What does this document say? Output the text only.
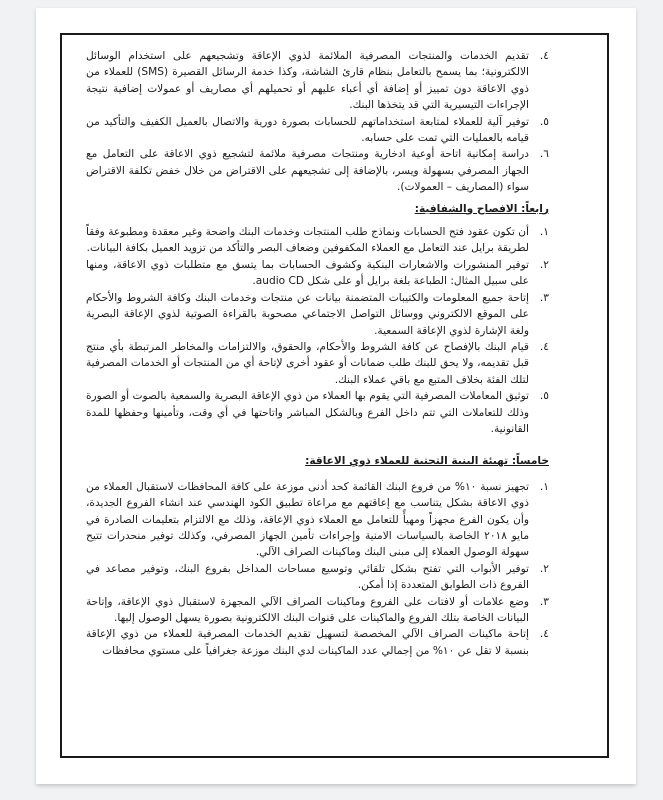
٤.
تقديم الخدمات والمنتجات المصرفية الملائمة لذوي الإعاقة وتشجيعهم على استخدام الوسائل الالكترونية؛ بما يسمح بالتعامل بنظام قارئ الشاشة، وكذا خدمة الرسائل القصيرة (SMS) للعملاء من ذوي الاعاقة دون تمييز أو إضافة أي أعباء عليهم أو تحميلهم أي مصاريف أو عمولات إضافية نتيجة الإجراءات التيسيرية التي قد يتخذها البنك.
٥.
توفير آلية للعملاء لمتابعة استخداماتهم للحسابات بصورة دورية والاتصال بالعميل الكفيف والتأكيد من قيامه بالعمليات التي تمت على حسابه.
٦.
دراسة إمكانية اتاحة أوعية ادخارية ومنتجات مصرفية ملائمة لتشجيع ذوي الاعاقة على التعامل مع الجهاز المصرفي بسهولة ويسر، بالإضافة إلى تشجيعهم على الاقتراض من خلال خفض تكلفة الاقتراض سواء (المصاريف – العمولات).
رابعاً: الافصاح والشفافية:
١.
أن تكون عقود فتح الحسابات ونماذج طلب المنتجات وخدمات البنك واضحة وغير معقدة ومطبوعة وفقاً لطريقة برايل عند التعامل مع العملاء المكفوفين وضعاف البصر والتأكد من تزويد العميل بكافة البيانات.
٢.
توفير المنشورات والاشعارات البنكية وكشوف الحسابات بما يتسق مع متطلبات ذوي الاعاقة، ومنها على سبيل المثال: الطباعة بلغة برايل أو على شكل audio CD.
٣.
إتاحة جميع المعلومات والكتيبات المتضمنة بيانات عن منتجات وخدمات البنك وكافة الشروط والأحكام على الموقع الالكتروني ووسائل التواصل الاجتماعي مصحوبة بالقراءة الصوتية لذوي الإعاقة البصرية ولغة الإشارة لذوي الإعاقة السمعية.
٤.
قيام البنك بالإفصاح عن كافة الشروط والأحكام، والحقوق، والالتزامات والمخاطر المرتبطة بأي منتج قبل تقديمه، ولا يحق للبنك طلب ضمانات أو عقود أخرى لإتاحة أي من المنتجات أو الخدمات المصرفية لتلك الفئة بخلاف المتبع مع باقي عملاء البنك.
٥.
توثيق المعاملات المصرفية التي يقوم بها العملاء من ذوي الإعاقة البصرية والسمعية بالصوت أو الصورة وذلك للتعاملات التي تتم داخل الفرع وبالشكل المباشر واتاحتها في أي وقت، وتأمينها وحفظها للمدة القانونية.
خامساً: تهيئة البنية التحتية للعملاء ذوي الاعاقة:
١.
تجهيز نسبة ١٠% من فروع البنك القائمة كحد أدنى موزعة على كافة المحافظات لاستقبال العملاء من ذوي الاعاقة بشكل يتناسب مع إعاقتهم مع مراعاة تطبيق الكود الهندسي عند انشاء الفروع الجديدة، وأن يكون الفرع مجهزاً ومهيأً للتعامل مع العملاء ذوي الإعاقة، وذلك مع الالتزام بتعليمات الصادرة في مايو ٢٠١٨ الخاصة بالسياسات الامنية وإجراءات تأمين الجهاز المصرفي، وكذلك توفير منحدرات تتيح سهولة الوصول العملاء إلى مبنى البنك وماكينات الصراف الآلي.
٢.
توفير الأبواب التي تفتح بشكل تلقائي وتوسيع مساحات المداخل بفروع البنك، وتوفير مصاعد في الفروع ذات الطوابق المتعددة إذا أمكن.
٣.
وضع علامات أو لافتات على الفروع وماكينات الصراف الآلي المجهزة لاستقبال ذوي الإعاقة، وإتاحة البيانات الخاصة بتلك الفروع والماكينات على قنوات البنك الالكترونية بصورة يسهل الوصول إليها.
٤.
إتاحة ماكينات الصراف الآلي المخصصة لتسهيل تقديم الخدمات المصرفية للعملاء من ذوي الإعاقة بنسبة لا تقل عن ١٠% من إجمالي عدد الماكينات لدي البنك موزعة جغرافياً على مستوي محافظات
